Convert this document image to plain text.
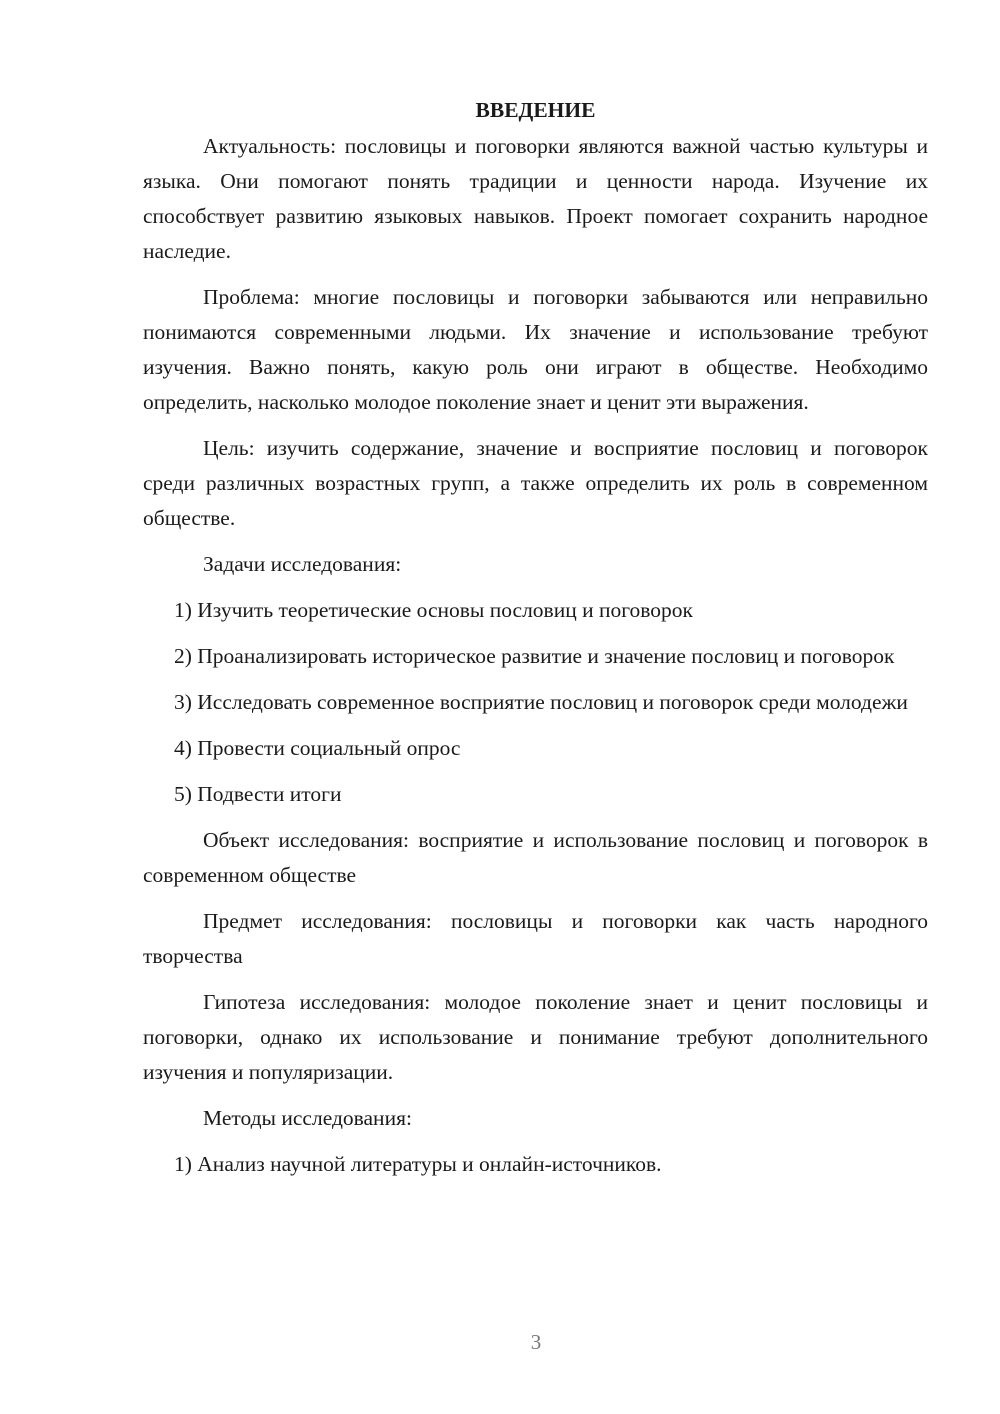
ВВЕДЕНИЕ

Актуальность: пословицы и поговорки являются важной частью культуры и языка. Они помогают понять традиции и ценности народа. Изучение их способствует развитию языковых навыков. Проект помогает сохранить народное наследие.

Проблема: многие пословицы и поговорки забываются или неправильно понимаются современными людьми. Их значение и использование требуют изучения. Важно понять, какую роль они играют в обществе. Необходимо определить, насколько молодое поколение знает и ценит эти выражения.

Цель: изучить содержание, значение и восприятие пословиц и поговорок среди различных возрастных групп, а также определить их роль в современном обществе.

Задачи исследования:

1) Изучить теоретические основы пословиц и поговорок

2) Проанализировать историческое развитие и значение пословиц и поговорок

3) Исследовать современное восприятие пословиц и поговорок среди молодежи

4) Провести социальный опрос

5) Подвести итоги

Объект исследования: восприятие и использование пословиц и поговорок в современном обществе

Предмет исследования: пословицы и поговорки как часть народного творчества

Гипотеза исследования: молодое поколение знает и ценит пословицы и поговорки, однако их использование и понимание требуют дополнительного изучения и популяризации.

Методы исследования:

1) Анализ научной литературы и онлайн-источников.

3
